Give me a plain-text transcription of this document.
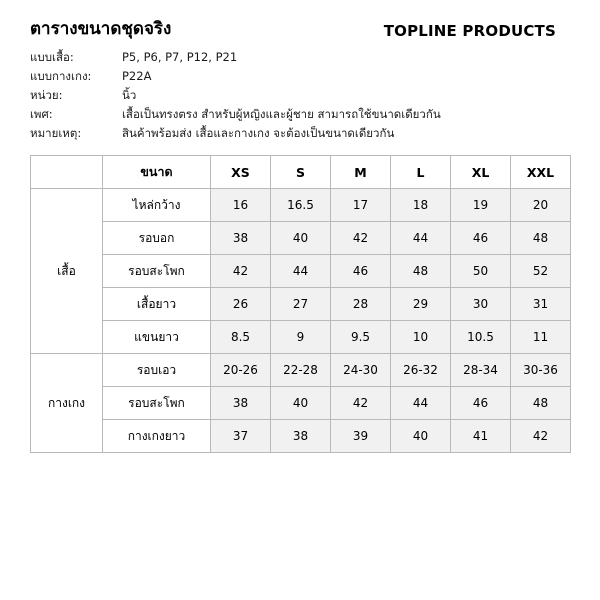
ตารางขนาดชุดจริง	TOPLINE PRODUCTS
แบบเสื้อ:	P5, P6, P7, P12, P21
แบบกางเกง:	P22A
หน่วย:	นิ้ว
เพศ:	เสื้อเป็นทรงตรง สำหรับผู้หญิงและผู้ชาย สามารถใช้ขนาดเดียวกัน
หมายเหตุ:	สินค้าพร้อมส่ง เสื้อและกางเกง จะต้องเป็นขนาดเดียวกัน
	ขนาด	XS	S	M	L	XL	XXL
เสื้อ	ไหล่กว้าง	16	16.5	17	18	19	20
	รอบอก	38	40	42	44	46	48
	รอบสะโพก	42	44	46	48	50	52
	เสื้อยาว	26	27	28	29	30	31
	แขนยาว	8.5	9	9.5	10	10.5	11
กางเกง	รอบเอว	20-26	22-28	24-30	26-32	28-34	30-36
	รอบสะโพก	38	40	42	44	46	48
	กางเกงยาว	37	38	39	40	41	42
